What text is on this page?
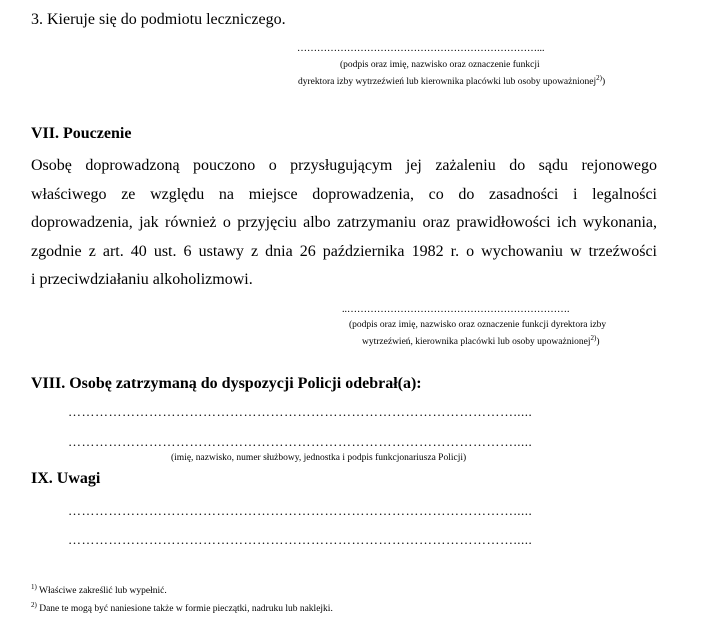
3. Kieruje się do podmiotu leczniczego.
………………………………………………………………...
(podpis oraz imię, nazwisko oraz oznaczenie funkcji
dyrektora izby wytrzeźwień lub kierownika placówki lub osoby upoważnionej$^{2)}$)
VII. Pouczenie
Osobę doprowadzoną pouczono o przysługującym jej zażaleniu do sądu rejonowego
właściwego ze względu na miejsce doprowadzenia, co do zasadności i legalności
doprowadzenia, jak również o przyjęciu albo zatrzymaniu oraz prawidłowości ich wykonania,
zgodnie z art. 40 ust. 6 ustawy z dnia 26 października 1982 r. o wychowaniu w trzeźwości
i przeciwdziałaniu alkoholizmowi.
..………………………………………………………….
(podpis oraz imię, nazwisko oraz oznaczenie funkcji dyrektora izby
wytrzeźwień, kierownika placówki lub osoby upoważnionej$^{2)}$)
VIII. Osobę zatrzymaną do dyspozycji Policji odebrał(a):
……………………………………………………………………………………….....
……………………………………………………………………………………….....
(imię, nazwisko, numer służbowy, jednostka i podpis funkcjonariusza Policji)
IX. Uwagi
……………………………………………………………………………………….....
……………………………………………………………………………………….....
$^{1)}$ Właściwe zakreślić lub wypełnić.
$^{2)}$ Dane te mogą być naniesione także w formie pieczątki, nadruku lub naklejki.
